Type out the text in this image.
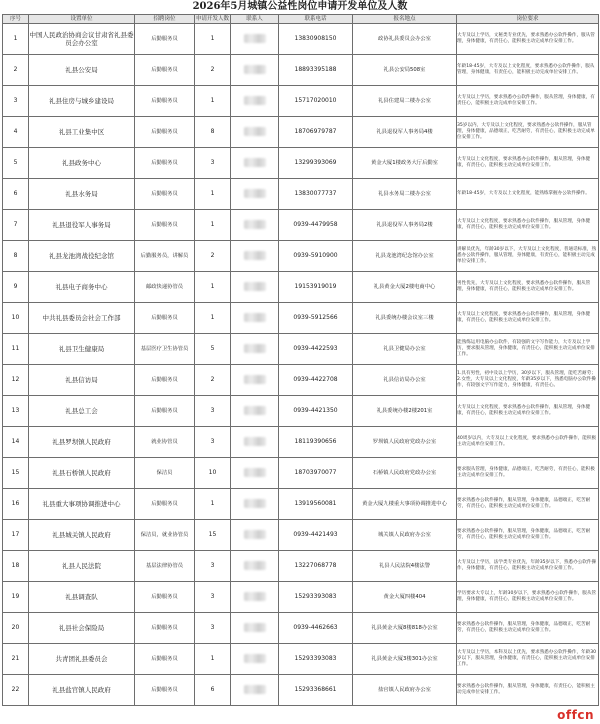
2026年5月城镇公益性岗位申请开发单位及人数
序号	设置单位	招聘岗位	申请开发人数	联系人	联系电话	报名地点	岗位要求
1	中国人民政治协商会议甘肃省礼县委员会办公室	后勤服务员	1		13830908150	政协礼县委员会办公室	大专及以上学历，文秘类专业优先，要求熟悉办公软件操作，服从管理，身体健康，有责任心，能积极主动完成单位安排工作。
2	礼县公安局	后勤服务员	2		18893395188	礼县公安局508室	年龄18-45岁，大专及以上文化程度，要求熟悉办公软件操作，服从管理，身体健康，有责任心，能积极主动完成单位安排工作。
3	礼县住房与城乡建设局	后勤服务员	1		15717020010	礼县住建局二楼办公室	大专及以上学历，要求熟悉办公软件操作，服从管理，身体健康，有责任心，能积极主动完成单位安排工作。
4	礼县工业集中区	后勤服务员	8		18706979787	礼县退役军人事务局4楼	35岁以内，大专及以上文化程度，要求熟悉办公软件操作，服从管理，身体健康，品德端正，吃苦耐劳，有责任心，能积极主动完成单位安排工作。
5	礼县政务中心	后勤服务员	3		13299393069	黄金大厦1楼政务大厅后勤室	大专及以上文化程度，要求熟悉办公软件操作，服从管理，身体健康，有责任心，能积极主动完成单位安排工作。
6	礼县水务局	后勤服务员	1		13830077737	礼县水务局二楼办公室	年龄18-45岁，大专及以上文化程度，能熟练掌握办公软件操作。
7	礼县退役军人事务局	后勤服务员	1		0939-4479958	礼县退役军人事务局2楼	大专及以上文化程度，要求熟悉办公软件操作，服从管理，身体健康，有责任心，能积极主动完成单位安排工作。
8	礼县龙池湾战役纪念馆	后勤服务员，讲解员	2		0939-5910900	礼县龙池湾纪念馆办公室	讲解员优先，年龄30岁以下，大专及以上文化程度，普通话标准，熟悉办公软件操作，服从管理，身体健康，有责任心，能积极主动完成单位安排工作。
9	礼县电子商务中心	邮政快递协管员	1		19153919019	礼县黄金大厦2楼电商中心	男性优先，大专及以上文化程度，要求熟悉办公软件操作，服从管理，身体健康，有责任心，能积极主动完成单位安排工作。
10	中共礼县委员会社会工作部	后勤服务员	1		0939-5912566	礼县委统办楼会议室三楼	大专及以上文化程度，要求熟悉办公软件操作，服从管理，身体健康，有责任心，能积极主动完成单位安排工作。
11	礼县卫生健康局	基层医疗卫生协管员	5		0939-4422593	礼县卫健局办公室	能熟练运用电脑办公软件，有较强的文字写作能力，大专及以上学历，要求服从管理，身体健康，有责任心，能积极主动完成单位安排工作。
12	礼县信访局	后勤服务员	2		0939-4422708	礼县信访局办公室	1.具有男性，初中及以上学历，30岁以下，服从管理，能吃苦耐劳；2.女性，大专及以上文化程度，年龄35岁以下，熟悉电脑办公软件操作，有较强文字写作能力，身体健康，有责任心。
13	礼县总工会	后勤服务员	3		0939-4421350	礼县委统办楼2楼201室	大专及以上文化程度，要求熟悉办公软件操作，服从管理，身体健康，有责任心，能积极主动完成单位安排工作。
14	礼县罗坝镇人民政府	就业协管员	3		18119390656	罗坝镇人民政府党政办公室	40周岁以内，大专及以上文化程度，要求熟悉办公软件操作，能积极主动完成单位安排工作。
15	礼县石桥镇人民政府	保洁员	10		18703970077	石桥镇人民政府党政办公室	要求服从管理，身体健康，品德端正，吃苦耐劳，有责任心，能积极主动完成单位安排工作。
16	礼县重大事项协调推进中心	后勤服务员	1		13919560081	黄金大厦九楼重大事项协调推进中心	要求熟悉办公软件操作，服从管理，身体健康，品德端正，吃苦耐劳，有责任心，能积极主动完成单位安排工作。
17	礼县城关镇人民政府	保洁员，就业协管员	15		0939-4421493	城关镇人民政府办公室	要求熟悉办公软件操作，服从管理，身体健康，品德端正，吃苦耐劳，有责任心，能积极主动完成单位安排工作。
18	礼县人民法院	基层法律协管员	3		13227068778	礼县人民法院4楼法警	大专及以上学历，法学类专业优先，年龄35岁以下，熟悉办公软件操作，身体健康，有责任心，能积极主动完成单位安排工作。
19	礼县调查队	后勤服务员	3		15293393083	黄金大厦四楼404	学历要求大专以上，年龄30岁以下，要求熟悉办公软件操作，服从管理，身体健康，有责任心，能积极主动完成单位安排工作。
20	礼县社会保险局	后勤服务员	3		0939-4462663	礼县黄金大厦8楼818办公室	要求熟悉办公软件操作，服从管理，身体健康，品德端正，吃苦耐劳，有责任心，能积极主动完成单位安排工作。
21	共青团礼县委员会	后勤服务员	1		15293393083	礼县黄金大厦3楼301办公室	大专及以上学历，本科及以上优先，要求熟悉办公软件操作，年龄30岁以下，服从管理，身体健康，有责任心，能积极主动完成单位安排工作。
22	礼县盐官镇人民政府	后勤服务员	6		15293368661	盐官镇人民政府办公室	要求熟悉办公软件操作，服从管理，身体健康，有责任心，能积极主动完成单位安排工作。
offcn
